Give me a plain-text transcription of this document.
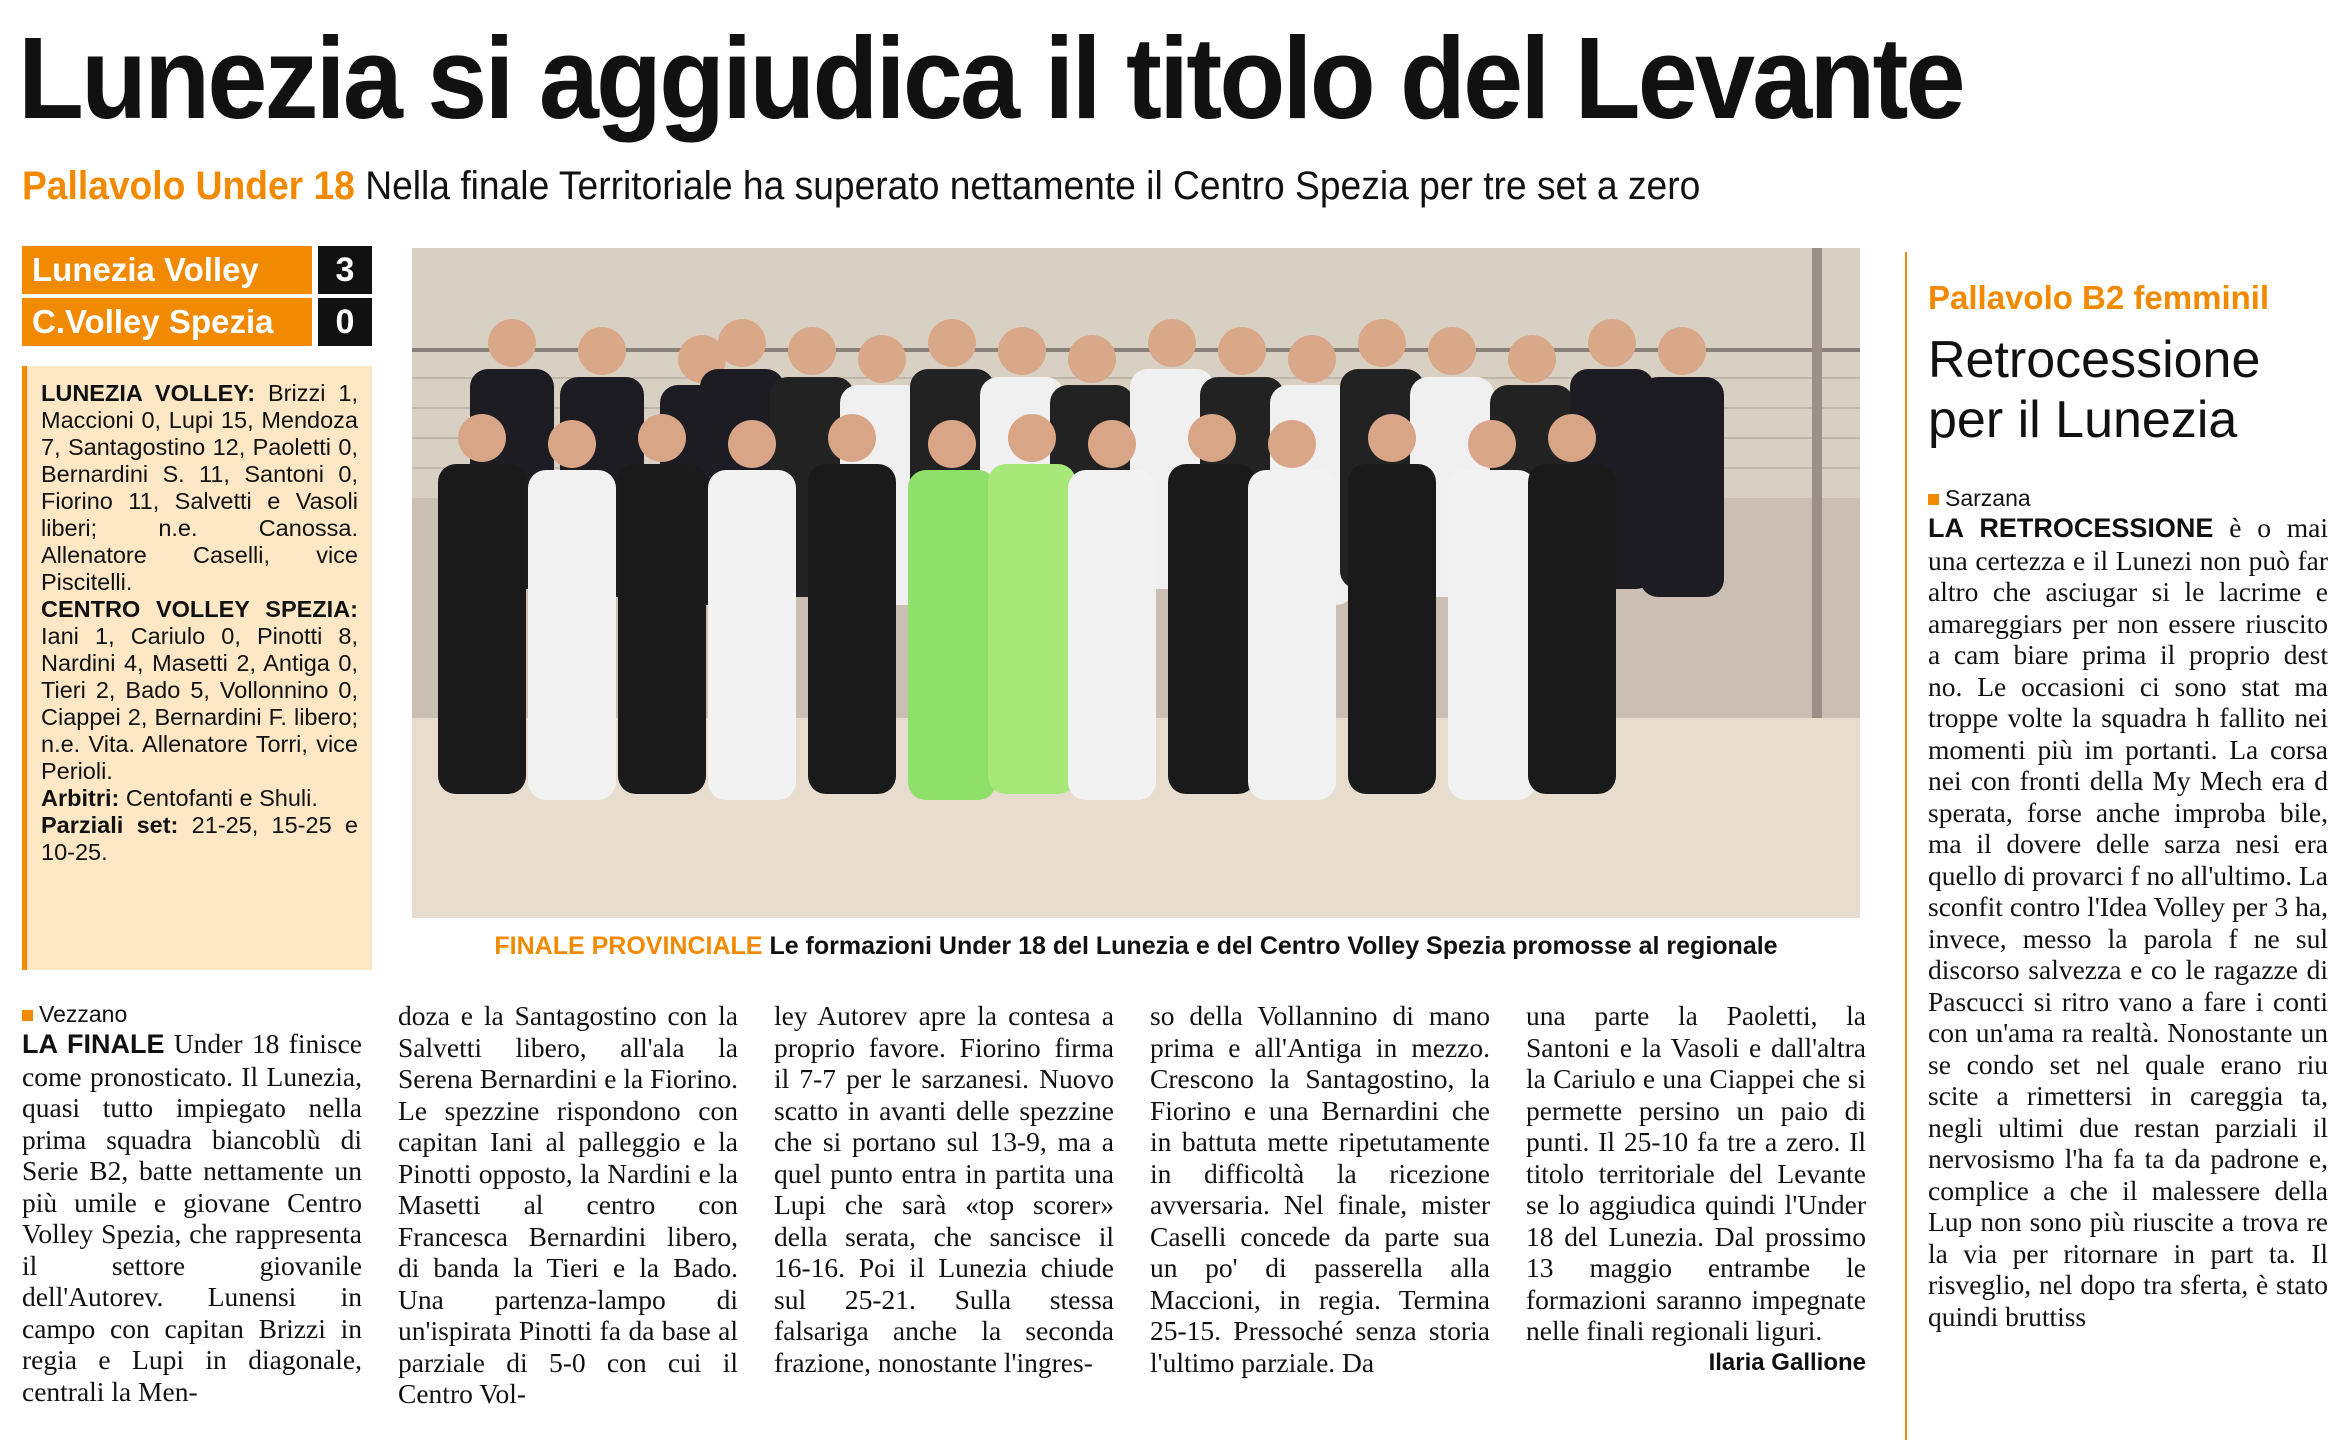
Lunezia si aggiudica il titolo del Levante
Pallavolo Under 18 Nella finale Territoriale ha superato nettamente il Centro Spezia per tre set a zero
Lunezia Volley	3
C.Volley Spezia	0

LUNEZIA VOLLEY: Brizzi 1, Maccioni 0, Lupi 15, Mendoza 7, Santagostino 12, Paoletti 0, Bernardini S. 11, Santoni 0, Fiorino 11, Salvetti e Vasoli liberi; n.e. Canossa. Allenatore Caselli, vice Piscitelli.

CENTRO VOLLEY SPEZIA: Iani 1, Cariulo 0, Pinotti 8, Nardini 4, Masetti 2, Antiga 0, Tieri 2, Bado 5, Vollonnino 0, Ciappei 2, Bernardini F. libero; n.e. Vita. Allenatore Torri, vice Perioli.

Arbitri: Centofanti e Shuli.

Parziali set: 21-25, 15-25 e 10-25.

FINALE PROVINCIALE Le formazioni Under 18 del Lunezia e del Centro Volley Spezia promosse al regionale
Vezzano

LA FINALE Under 18 finisce come pronosticato. Il Lunezia, quasi tutto impiegato nella prima squadra biancoblù di Serie B2, batte nettamente un più umile e giovane Centro Volley Spezia, che rappresenta il settore giovanile dell'Autorev. Lunensi in campo con capitan Brizzi in regia e Lupi in diagonale, centrali la Men-

doza e la Santagostino con la Salvetti libero, all'ala la Serena Bernardini e la Fiorino. Le spezzine rispondono con capitan Iani al palleggio e la Pinotti opposto, la Nardini e la Masetti al centro con Francesca Bernardini libero, di banda la Tieri e la Bado. Una partenza-lampo di un'ispirata Pinotti fa da base al parziale di 5-0 con cui il Centro Vol-

ley Autorev apre la contesa a proprio favore. Fiorino firma il 7-7 per le sarzanesi. Nuovo scatto in avanti delle spezzine che si portano sul 13-9, ma a quel punto entra in partita una Lupi che sarà «top scorer» della serata, che sancisce il 16-16. Poi il Lunezia chiude sul 25-21. Sulla stessa falsariga anche la seconda frazione, nonostante l'ingres-

so della Vollannino di mano prima e all'Antiga in mezzo. Crescono la Santagostino, la Fiorino e una Bernardini che in battuta mette ripetutamente in difficoltà la ricezione avversaria. Nel finale, mister Caselli concede da parte sua un po' di passerella alla Maccioni, in regia. Termina 25-15. Pressoché senza storia l'ultimo parziale. Da

una parte la Paoletti, la Santoni e la Vasoli e dall'altra la Cariulo e una Ciappei che si permette persino un paio di punti. Il 25-10 fa tre a zero. Il titolo territoriale del Levante se lo aggiudica quindi l'Under 18 del Lunezia. Dal prossimo 13 maggio entrambe le formazioni saranno impegnate nelle finali regionali liguri.

Ilaria Gallione
Pallavolo B2 femminil
Retrocessione
per il Lunezia
Sarzana

LA RETROCESSIONE è o mai una certezza e il Lunezi non può far altro che asciugar si le lacrime e amareggiars per non essere riuscito a cam biare prima il proprio dest no. Le occasioni ci sono stat ma troppe volte la squadra h fallito nei momenti più im portanti. La corsa nei con fronti della My Mech era d sperata, forse anche improba bile, ma il dovere delle sarza nesi era quello di provarci f no all'ultimo. La sconfit contro l'Idea Volley per 3 ha, invece, messo la parola f ne sul discorso salvezza e co le ragazze di Pascucci si ritro vano a fare i conti con un'ama ra realtà. Nonostante un se condo set nel quale erano riu scite a rimettersi in careggia ta, negli ultimi due restan parziali il nervosismo l'ha fa ta da padrone e, complice a che il malessere della Lup non sono più riuscite a trova re la via per ritornare in part ta. Il risveglio, nel dopo tra sferta, è stato quindi bruttiss
